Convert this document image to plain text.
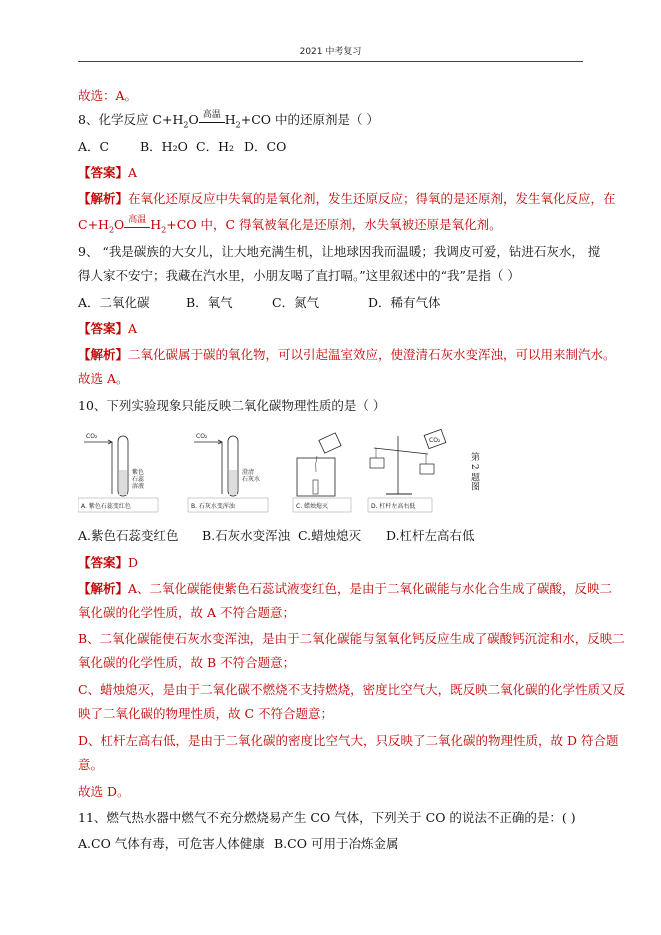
2021 中考复习
故选：A。
8、化学反应 $C+H_2O$ 高温 $H_2+CO$ 中的还原剂是（ ）
A．C B．H₂O C．H₂ D．CO
【答案】A
【解析】在氧化还原反应中失氧的是氧化剂，发生还原反应；得氧的是还原剂，发生氧化反应，在
$C+H_2O$ 高温 $H_2+CO$ 中，C 得氧被氧化是还原剂，水失氧被还原是氧化剂。
9、 “我是碳族的大女儿，让大地充满生机，让地球因我而温暖；我调皮可爱，钻进石灰水， 搅
得人家不安宁；我藏在汽水里，小朋友喝了直打嗝。”这里叙述中的“我”是指（ ）
A．二氧化碳	B．氧气	C．氮气	D．稀有气体
【答案】A
【解析】二氧化碳属于碳的氧化物，可以引起温室效应，使澄清石灰水变浑浊，可以用来制汽水。
故选 A。
10、下列实验现象只能反映二氧化碳物理性质的是（ ）
CO₂
紫色
石蕊
溶液
A. 紫色石蕊变红色
CO₂
澄清
石灰水
B. 石灰水变浑浊	C. 蜡烛熄灭
CO₂
D. 杠杆左高右低
第 2 题图
A.紫色石蕊变红色 B.石灰水变浑浊 C.蜡烛熄灭 D.杠杆左高右低
【答案】D
【解析】A、二氧化碳能使紫色石蕊试液变红色，是由于二氧化碳能与水化合生成了碳酸，反映二
氧化碳的化学性质，故 A 不符合题意；
B、二氧化碳能使石灰水变浑浊，是由于二氧化碳能与氢氧化钙反应生成了碳酸钙沉淀和水，反映二
氧化碳的化学性质，故 B 不符合题意；
C、蜡烛熄灭，是由于二氧化碳不燃烧不支持燃烧，密度比空气大，既反映二氧化碳的化学性质又反
映了二氧化碳的物理性质，故 C 不符合题意；
D、杠杆左高右低，是由于二氧化碳的密度比空气大，只反映了二氧化碳的物理性质，故 D 符合题
意。
故选 D。
11、燃气热水器中燃气不充分燃烧易产生 CO 气体，下列关于 CO 的说法不正确的是：( )
A.CO 气体有毒，可危害人体健康 B.CO 可用于冶炼金属
